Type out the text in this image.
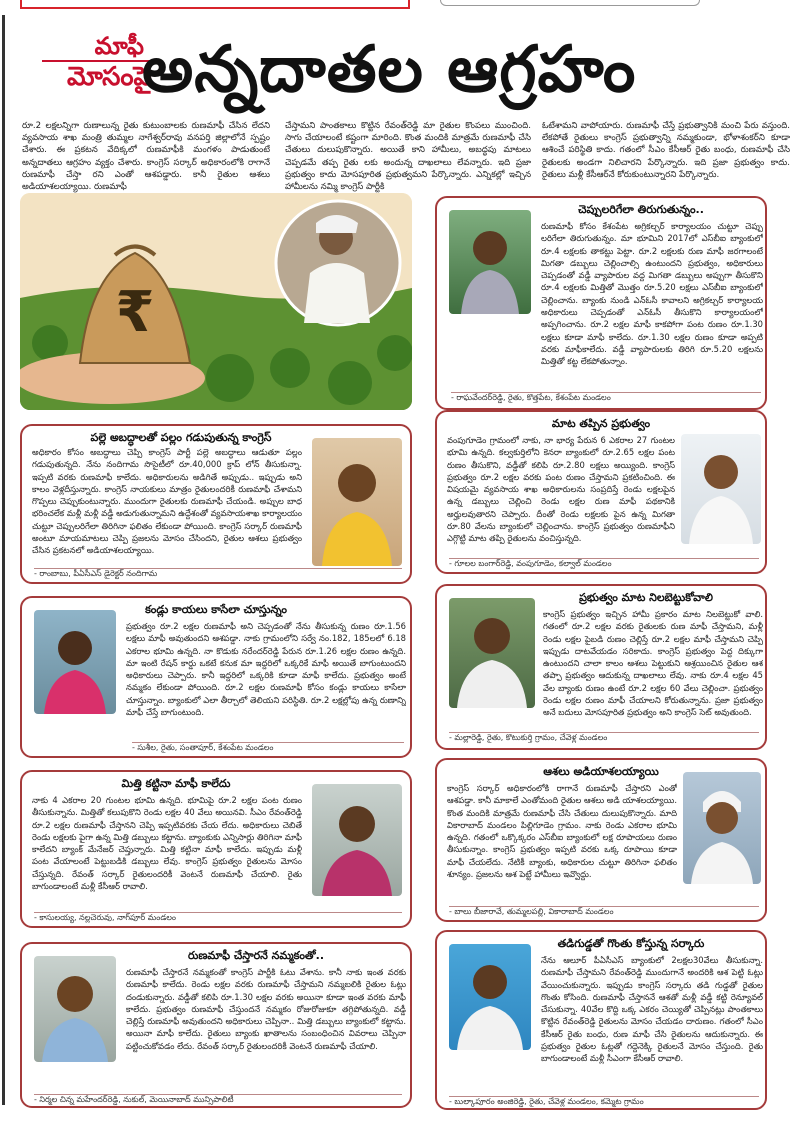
మాఫీ
మోసంపై
అన్నదాతల ఆగ్రహం
రూ.2 లక్షలన్నిగా రుణాలున్న రైతు కుటుంబాలకు రుణమాఫీ చేసిన లేదని వ్యవసాయ శాఖ మంత్రి తుమ్మల నాగేశ్వర్‌రావు వనపర్తి జిల్లాలోనే స్పష్టం చేశారు. ఈ ప్రకటన వేదిక్కలో రుణమాఫీకి మంగళం పాడుతుంటే అన్నదాతలు ఆగ్రహం వ్యక్తం చేశారు. కాంగ్రెస్‌ సర్కార్‌ అధికారంలోకి రాగానే రుణమాఫీ చేస్తా రని ఎంతో ఆశపడ్డారు. కానీ రైతుల ఆశలు అడియాశలయ్యాయి. రుణమాఫీ
చేస్తామని పాంతకాలు కొట్టిన రేవంత్‌రెడ్డి మా రైతుల కొంపలు ముంచింది. సాగు చేయాలంటే కష్టంగా మారింది. కొంత మందికి మాత్రమే రుణమాఫీ చేసి చేతులు దులుపుకొన్నారు. అయితే కాని హామీలు, అబద్ధపు మాటలు చెప్పడమే తప్ప రైతు లకు అందున్న దాఖలాలు లేవన్నారు. ఇది ప్రజా ప్రభుత్వం కాదు మోసపూరిత ప్రభుత్వమని పేర్కొన్నారు. ఎన్నికల్లో ఇచ్చిన హామీలను నమ్మి కాంగ్రెస్‌ పార్టీకి
ఓటేశామని వాపోయారు. రుణమాఫీ చేస్తే ప్రభుత్వానికి మంచి పేరు వస్తుంది. లేకపోతే రైతులు కాంగ్రెస్‌ ప్రభుత్వాన్ని నమ్మకుండా, భోళాశంకర్‌ని కూడా ఆశించే పరిస్థితి కాదు. గతంలో సీఎం కేసీఆర్‌ రైతు బంధు, రుణమాఫీ చేసి రైతులకు అండగా నిలిచారని పేర్కొన్నారు. ఇది ప్రజా ప్రభుత్వం కాదు. రైతులు మళ్లీ కేసీఆర్‌నే కోరుకుంటున్నారని పేర్కొన్నారు.
₹
చెప్పులరిగేలా తిరుగుతున్నం..
రుణమాఫీ కోసం కేశంపేట అగ్రికల్చర్‌ కార్యాలయం చుట్టూ చెప్పు లరిగేలా తిరుగుతున్నం. మా భూమిని 2017లో ఎస్‌బీఐ బ్యాంకులో రూ.4 లక్షలకు తాకట్టు పెట్టా. రూ.2 లక్షలకు రుణ మాఫీ జరగాలంటే మిగతా డబ్బులు చెల్లించాల్సి ఉంటుందని ప్రభుత్వం, అధికారులు చెప్పడంతో వడ్డీ వ్యాపారుల వద్ద మిగతా డబ్బులు అప్పుగా తీసుకొని రూ.4 లక్షలకు మిత్తితో మొత్తం రూ.5.20 లక్షలు ఎస్‌బీఐ బ్యాంకులో చెల్లించాను. బ్యాంకు నుండి ఎన్‌ఓసీ కావాలని అగ్రికల్చర్‌ కార్యాలయ అధికారులు చెప్పడంతో ఎన్‌ఓసీ తీసుకొని కార్యాలయంలో అప్పగించాను. రూ.2 లక్షల మాఫీ కాకపోగా పంట రుణం రూ.1.30 లక్షలు కూడా మాఫీ కాలేదు. రూ.1.30 లక్షల రుణం కూడా అప్పటి వరకు మాఫీకాలేదు. వడ్డీ వ్యాపారులకు తిరిగి రూ.5.20 లక్షలను మిత్తితో కట్ట లేకపోతున్నాం.
- రాఘవేందర్‌రెడ్డి, రైతు, కొత్తపేట, కేశంపేట మండలం
పల్లె అబద్ధాలతో పల్లం గడుపుతున్న కాంగ్రెస్‌
అధికారం కోసం అబద్ధాలు చెప్పి కాంగ్రెస్‌ పార్టీ పల్లె అబద్ధాలు ఆడుతూ పల్లం గడుపుతున్నది. నేను నందిగామ సొసైటీలో రూ.40,000 క్రాప్‌ లోన్‌ తీసుకున్నా. ఇప్పటి వరకు రుణమాఫీ కాలేదు. అధికారులను అడిగితే అప్పుడు.. ఇప్పుడు అని కాలం వెళ్లదీస్తున్నారు. కాంగ్రెస్‌ నాయకులు మాత్రం రైతులందరికీ రుణమాఫీ చేశామని గొప్పలు చెప్పుకుంటున్నారు. ముందుగా రైతులకు రుణమాఫీ చేయండి. అప్పుల బాధ భరించలేక మళ్లీ మళ్లీ వడ్డీ అడుగుతున్నామని ఉద్దేశంతో వ్యవసాయశాఖ కార్యాలయం చుట్టూ చెప్పులరిగేలా తిరిగినా ఫలితం లేకుండా పోయింది. కాంగ్రెస్‌ సర్కార్‌ రుణమాఫీ అంటూ మాయమాటలు చెప్పి ప్రజలను మోసం చేసిందని, రైతుల ఆశలు ప్రభుత్వం చేసిన ప్రకటనలో అడియాశలయ్యాయి.
- రాంబాబు, పీఏసీఎస్‌ డైరెక్టర్‌ నందిగామ
మాట తప్పిన ప్రభుత్వం
వంపుగూడెం గ్రామంలో నాకు, నా భార్య పేరున 6 ఎకరాల 27 గుంటల భూమి ఉన్నది. కల్వకుర్తిలోని కెనరా బ్యాంకులో రూ.2.65 లక్షల పంట రుణం తీసుకొని, వడ్డీతో కలిపి రూ.2.80 లక్షలు అయ్యింది. కాంగ్రెస్‌ ప్రభుత్వం రూ.2 లక్షల వరకు పంట రుణం చేస్తామని ప్రకటించింది. ఈ విషయమై వ్యవసాయ శాఖ అధికారులను సంప్రదిస్తే రెండు లక్షలపైన ఉన్న డబ్బులు చెల్లించి రెండు లక్షల రుణ మాఫీ పథకానికి అర్హులవుతారని చెప్పారు. దీంతో రెండు లక్షలకు పైన ఉన్న మిగతా రూ.80 వేలను బ్యాంకులో చెల్లించాను. కాంగ్రెస్‌ ప్రభుత్వం రుణమాఫీని ఎగ్గొట్టి మాట తప్పి రైతులను వంచిస్తున్నది.
- గూలల బంగార్‌రెడ్డి, వంపుగూడెం, కల్వాల్‌ మండలం
కండ్లు కాయలు కాసేలా చూస్తున్నం
ప్రభుత్వం రూ.2 లక్షల రుణమాఫీ అని చెప్పడంతో నేను తీసుకున్న రుణం రూ.1.56 లక్షలు మాఫీ అవుతుందని ఆశపడ్డా. నాకు గ్రామంలోని సర్వే నం.182, 185లలో 6.18 ఎకరాల భూమి ఉన్నది. నా కొడుకు నరేందర్‌రెడ్డి పేరున రూ.1.26 లక్షల రుణం ఉన్నది. మా ఇంటి రేషన్‌ కార్డు ఒకటే కనుక మా ఇద్దరిలో ఒక్కరికే మాఫీ అయితే బాగుంటుందని అధికారులు చెప్పారు. కానీ ఇద్దరిలో ఒక్కరికి కూడా మాఫీ కాలేదు. ప్రభుత్వం అంటే నమ్మకం లేకుండా పోయింది. రూ.2 లక్షల రుణమాఫీ కోసం కండ్లు కాయలు కాసేలా చూస్తున్నాం. బ్యాంకులో ఎలా తీర్చాలో తెలియని పరిస్థితి. రూ.2 లక్షల్లోపు ఉన్న రుణాన్ని మాఫీ చేస్తే బాగుంటుంది.
- సుశీల, రైతు, సంతాపూర్‌, కేశంపేట మండలం
ప్రభుత్వం మాట నిలబెట్టుకోవాలి
కాంగ్రెస్‌ ప్రభుత్వం ఇచ్చిన హామీ ప్రకారం మాట నిలబెట్టుకో వాలి. గతంలో రూ.2 లక్షల వరకు రైతులకు రుణ మాఫీ చేస్తామని, మళ్లీ రెండు లక్షల పైబడి రుణం చెల్లిస్తే రూ.2 లక్షల మాఫీ చేస్తామని చెప్పి ఇప్పుడు దాటవేయడం సరికాదు. కాంగ్రెస్‌ ప్రభుత్వం పెద్ద దిక్కుగా ఉంటుందని చాలా కాలం ఆశలు పెట్టుకుని ఆశ్రయించిన రైతుల ఆశ తప్పా ప్రభుత్వం ఆదుకున్న దాఖలాలు లేవు. నాకు రూ.4 లక్షల 45 వేల బ్యాంకు రుణం ఉంటే రూ.2 లక్షల 60 వేలు చెల్లించా. ప్రభుత్వం రెండు లక్షల రుణం మాఫీ చేయాలని కోరుతున్నాను. ప్రజా ప్రభుత్వం అనే బదులు మోసపూరిత ప్రభుత్వం అని కాంగ్రెస్‌ సెట్‌ అవుతుంది.
- మల్లారెడ్డి, రైతు, కొటుకుర్తి గ్రామం, చేవెళ్ల మండలం
మిత్తి కట్టినా మాఫీ కాలేదు
నాకు 4 ఎకరాల 20 గుంటల భూమి ఉన్నది. భూమిపై రూ.2 లక్షల పంట రుణం తీసుకున్నాను. మిత్తితో కలుపుకొని రెండు లక్షల 40 వేలు అయినవి. సీఎం రేవంత్‌రెడ్డి రూ.2 లక్షల రుణమాఫీ చేస్తానని చెప్పి ఇప్పటివరకు చేయ లేదు. అధికారులు చెబితే రెండు లక్షలకు పైగా ఉన్న మిత్తి డబ్బులు కట్టాను. బ్యాంకుకు ఎన్నిసార్లు తిరిగినా మాఫీ కాలేదని బ్యాంక్‌ మేనేజర్‌ చెప్తున్నారు. మిత్తి కట్టినా మాఫీ కాలేదు. ఇప్పుడు మళ్లీ పంట వేయాలంటే పెట్టుబడికి డబ్బులు లేవు. కాంగ్రెస్‌ ప్రభుత్వం రైతులను మోసం చేస్తున్నది. రేవంత్‌ సర్కార్‌ రైతులందరికీ వెంటనే రుణమాఫీ చేయాలి. రైతు బాగుండాలంటే మళ్లీ కేసీఆర్‌ రావాలి.
- కాసులయ్య, నల్లచెరువు, నాగ్‌పూర్‌ మండలం
ఆశలు అడియాశలయ్యాయి
కాంగ్రెస్‌ సర్కార్‌ అధికారంలోకి రాగానే రుణమాఫీ చేస్తారని ఎంతో ఆశపడ్డా. కానీ మాకాలే ఎంతోమంది రైతుల ఆశలు అడి యాశలయ్యాయి. కొంత మందికి మాత్రమే రుణమాఫీ చేసి చేతులు దులుపుకొన్నారు. మాది వికారాబాద్‌ మండలం పిల్లిగూడెం గ్రామం. నాకు రెండు ఎకరాల భూమి ఉన్నది. గతంలో ఒక్కొక్కరం ఎస్‌బీఐ బ్యాంకులో లక్ష రూపాయలు రుణం తీసుకున్నాం. కాంగ్రెస్‌ ప్రభుత్వం ఇప్పటి వరకు ఒక్క రూపాయి కూడా మాఫీ చేయలేదు. నేటికీ బ్యాంకు, అధికారుల చుట్టూ తిరిగినా ఫలితం శూన్యం. ప్రజలను ఆశ పెట్టే హామీలు ఇవ్వొద్దు.
- బాలు బీజారావే, తుమ్మలపల్లి, వికారాబాద్‌ మండలం
రుణమాఫీ చేస్తారనే నమ్మకంతో..
రుణమాఫీ చేస్తారనే నమ్మకంతో కాంగ్రెస్‌ పార్టీకి ఓటు వేశాను. కానీ నాకు ఇంత వరకు రుణమాఫీ కాలేదు. రెండు లక్షల వరకు రుణమాఫీ చేస్తామని నమ్మబలికి రైతుల ఓట్లు దండుకున్నారు. వడ్డీతో కలిపి రూ.1.30 లక్షల వరకు అయినా కూడా ఇంత వరకు మాఫీ కాలేదు. ప్రభుత్వం రుణమాఫీ చేస్తుందనే నమ్మకం రోజురోజుకూ తగ్గిపోతున్నది. వడ్డీ చెల్లిస్తే రుణమాఫీ అవుతుందని అధికారులు చెప్పినా.. మిత్తి డబ్బులు బ్యాంకులో కట్టాను. అయినా మాఫీ కాలేదు. రైతులు బ్యాంకు ఖాతాలను సంబంధించిన వివరాలు చెప్పినా పట్టించుకోవడం లేదు. రేవంత్‌ సర్కార్‌ రైతులందరికీ వెంటనే రుణమాఫీ చేయాలి.
- నిర్మల చిన్న మహేందర్‌రెడ్డి, నుకుల్‌, మెయినాబాద్‌ మున్సిపాలిటీ
తడిగుడ్డతో గొంతు కోస్తున్న సర్కారు
నేను ఆలూర్‌ పీఏసీఎస్‌ బ్యాంకులో 2లక్షల30వేలు తీసుకున్నా. రుణమాఫీ చేస్తామని రేవంత్‌రెడ్డి ముందుగానే అందరికి ఆశ పెట్టి ఓట్లు వేయించుకున్నారు. ఇప్పుడు కాంగ్రెస్‌ సర్కారు తడి గుడ్డతో రైతుల గొంతు కోసింది. రుణమాఫీ చేస్తాననే ఆశతో మళ్లీ వడ్డీ కట్టి రెన్యూవల్‌ చేసుకున్నా. 40వేల కొద్ది ఒక్క ఎకరం చెయ్యితో చెప్పినట్లు పాంతకాలు కొట్టిన రేవంత్‌రెడ్డి రైతులను మోసం చేయడం దారుణం. గతంలో సీఎం కేసీఆర్‌ రైతు బంధు, రుణ మాఫీ చేసి రైతులను ఆదుకున్నారు. ఈ ప్రభుత్వం రైతుల ఓట్లతో గద్దెనెక్కి రైతులనే మోసం చేస్తుంది. రైతు బాగుండాలంటే మళ్లీ సీఎంగా కేసీఆర్‌ రావాలి.
- బుల్కాపూరం అంజిరెడ్డి, రైతు, చేవెళ్ల మండలం, కమ్మెట గ్రామం
